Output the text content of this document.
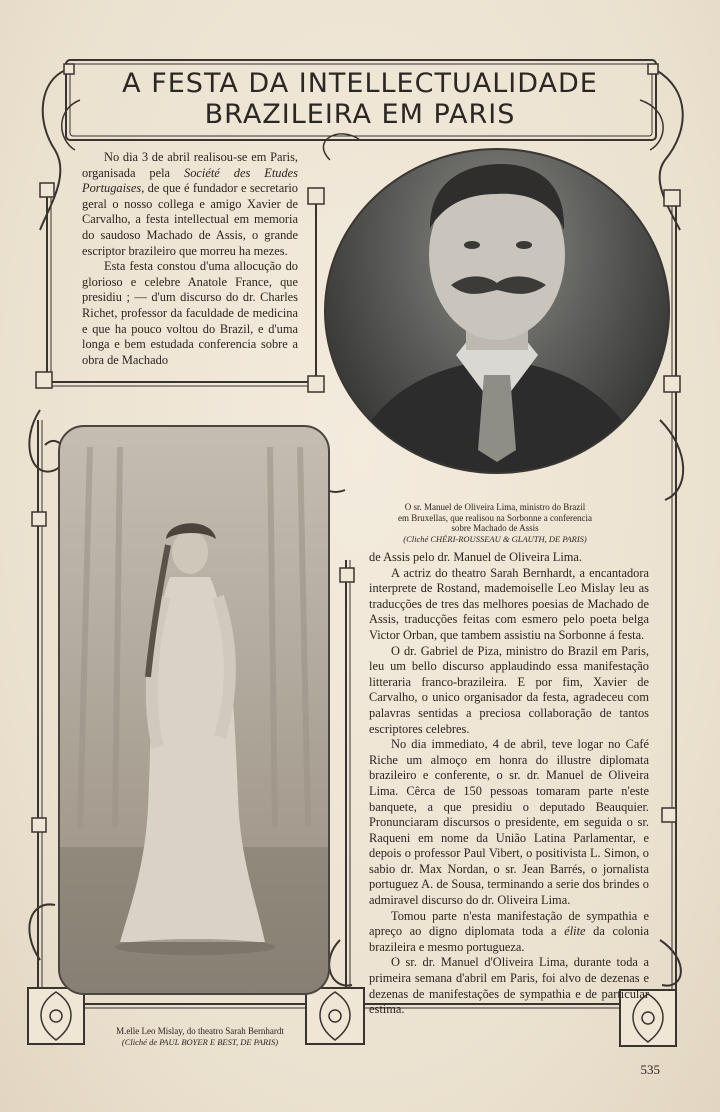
A FESTA DA INTELLECTUALIDADE
BRAZILEIRA EM PARIS

No dia 3 de abril realisou-se em Paris, organisada pela Société des Etudes Portugaises, de que é fundador e secretario geral o nosso collega e amigo Xavier de Carvalho, a festa intellectual em memoria do saudoso Machado de Assis, o grande escriptor brazileiro que morreu ha mezes.

Esta festa constou d'uma allocução do glorioso e celebre Anatole France, que presidiu ; — d'um discurso do dr. Charles Richet, professor da faculdade de medicina e que ha pouco voltou do Brazil, e d'uma longa e bem estudada conferencia sobre a obra de Machado

O sr. Manuel de Oliveira Lima, ministro do Brazil
em Bruxellas, que realisou na Sorbonne a conferencia
sobre Machado de Assis
(Cliché CHÉRI-ROUSSEAU & GLAUTH, DE PARIS)
M.elle Leo Mislay, do theatro Sarah Bernhardt
(Cliché de PAUL BOYER E BEST, DE PARIS)

de Assis pelo dr. Manuel de Oliveira Lima.

A actriz do theatro Sarah Bernhardt, a encantadora interprete de Rostand, mademoiselle Leo Mislay leu as traducções de tres das melhores poesias de Machado de Assis, traducções feitas com esmero pelo poeta belga Victor Orban, que tambem assistiu na Sorbonne á festa.

O dr. Gabriel de Piza, ministro do Brazil em Paris, leu um bello discurso applaudindo essa manifestação litteraria franco-brazileira. E por fim, Xavier de Carvalho, o unico organisador da festa, agradeceu com palavras sentidas a preciosa collaboração de tantos escriptores celebres.

No dia immediato, 4 de abril, teve logar no Café Riche um almoço em honra do illustre diplomata brazileiro e conferente, o sr. dr. Manuel de Oliveira Lima. Cêrca de 150 pessoas tomaram parte n'este banquete, a que presidiu o deputado Beauquier. Pronunciaram discursos o presidente, em seguida o sr. Raqueni em nome da União Latina Parlamentar, e depois o professor Paul Vibert, o positivista L. Simon, o sabio dr. Max Nordan, o sr. Jean Barrés, o jornalista portuguez A. de Sousa, terminando a serie dos brindes o admiravel discurso do dr. Oliveira Lima.

Tomou parte n'esta manifestação de sympathia e apreço ao digno diplomata toda a élite da colonia brazileira e mesmo portugueza.

O sr. dr. Manuel d'Oliveira Lima, durante toda a primeira semana d'abril em Paris, foi alvo de dezenas e dezenas de manifestações de sympathia e de particular estima.

535
